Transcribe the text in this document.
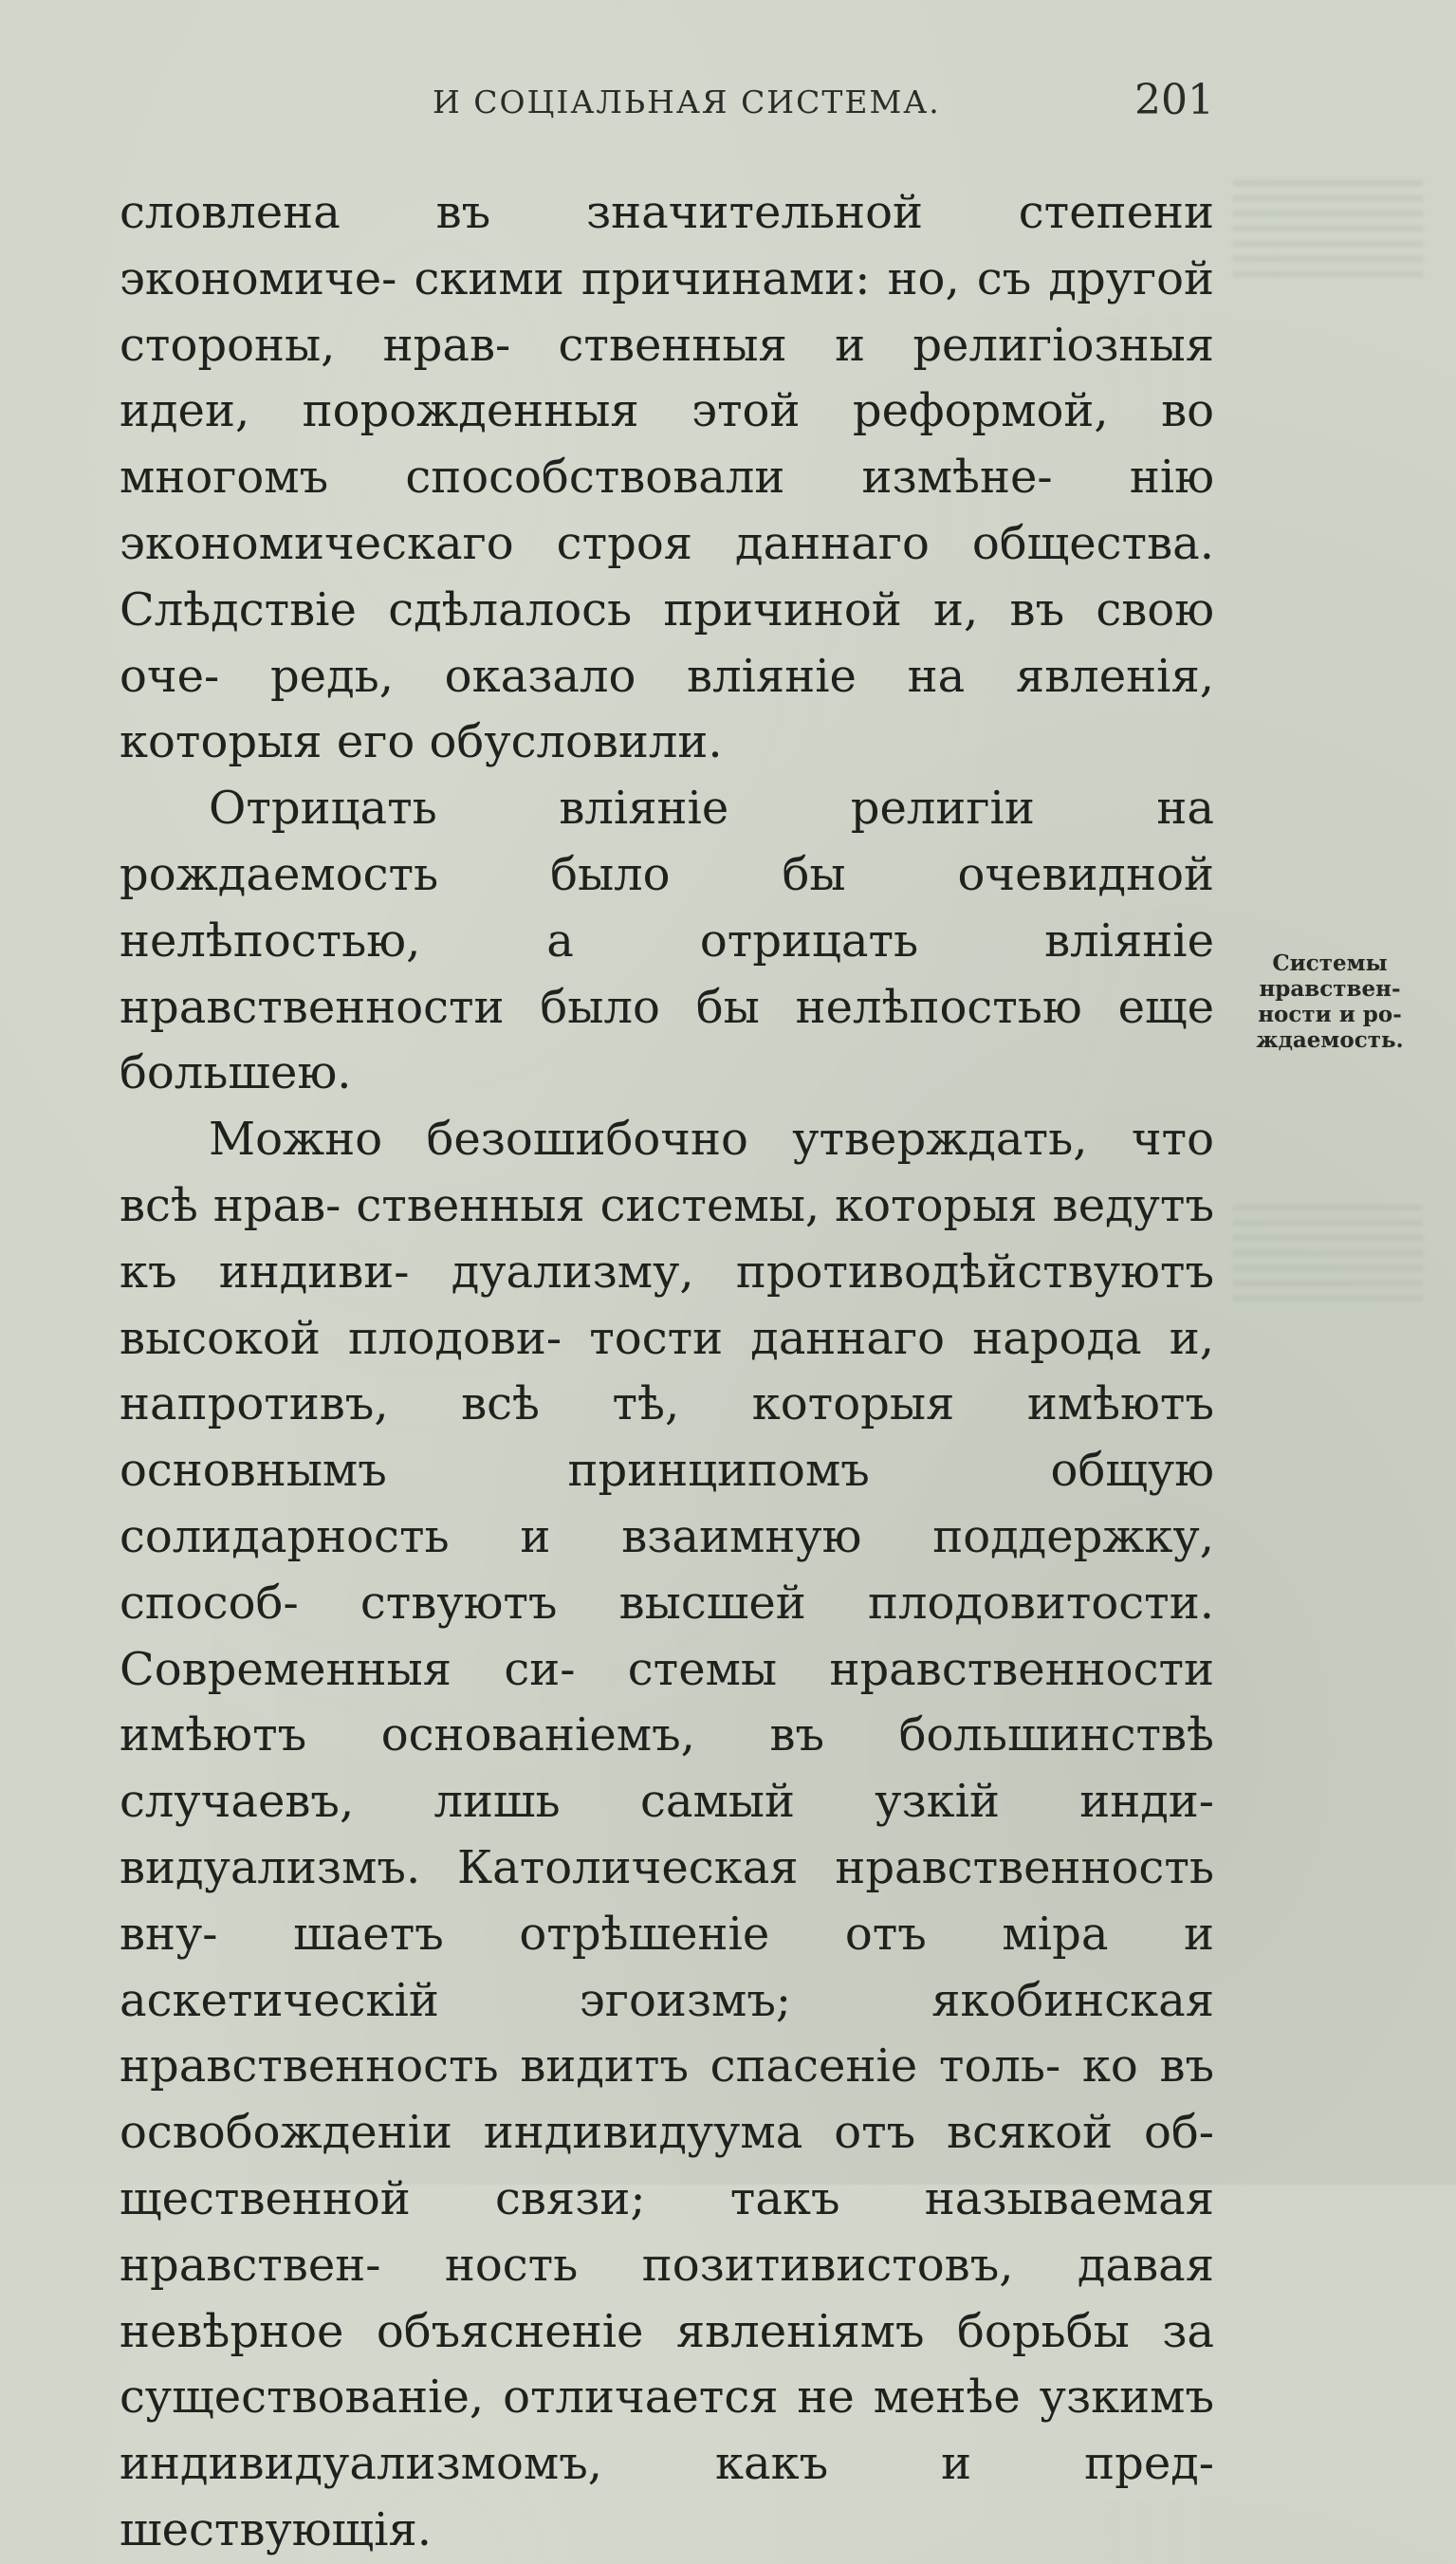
И СОЦІАЛЬНАЯ СИСТЕМА.	201

словлена въ значительной степени экономиче- скими причинами: но, съ другой стороны, нрав- ственныя и религіозныя идеи, порожденныя этой реформой, во многомъ способствовали измѣне- нію экономическаго строя даннаго общества. Слѣдствіе сдѣлалось причиной и, въ свою оче- редь, оказало вліяніе на явленія, которыя его обусловили.

Отрицать вліяніе религіи на рождаемость было бы очевидной нелѣпостью, а отрицать вліяніе нравственности было бы нелѣпостью еще большею.

Можно безошибочно утверждать, что всѣ нрав- ственныя системы, которыя ведутъ къ индиви- дуализму, противодѣйствуютъ высокой плодови- тости даннаго народа и, напротивъ, всѣ тѣ, которыя имѣютъ основнымъ принципомъ общую солидарность и взаимную поддержку, способ- ствуютъ высшей плодовитости. Современныя си- стемы нравственности имѣютъ основаніемъ, въ большинствѣ случаевъ, лишь самый узкій инди- видуализмъ. Католическая нравственность вну- шаетъ отрѣшеніе отъ міра и аскетическій эгоизмъ; якобинская нравственность видитъ спасеніе толь- ко въ освобожденіи индивидуума отъ всякой об- щественной связи; такъ называемая нравствен- ность позитивистовъ, давая невѣрное объясненіе явленіямъ борьбы за существованіе, отличается не менѣе узкимъ индивидуализмомъ, какъ и пред- шествующія.

Системы
нравствен-
ности и ро-
ждаемость.
